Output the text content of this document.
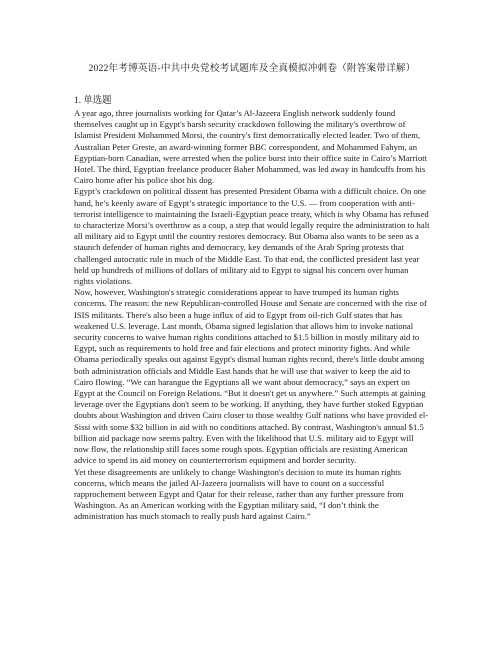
2022年考博英语-中共中央党校考试题库及全真模拟冲刺卷（附答案带详解）
1. 单选题

A year ago, three journalists working for Qatar’s Al-Jazeera English network suddenly found themselves caught up in Egypt's harsh security crackdown following the military's overthrow of Islamist President Mohammed Morsi, the country's first democratically elected leader. Two of them, Australian Peter Greste, an award-winning former BBC correspondent, and Mohammed Fahym, an Egyptian-born Canadian, were arrested when the police burst into their office suite in Cairo’s Marriott Hotel. The third, Egyptian freelance producer Baher Mohammed, was led away in handcuffs from his Cairo home after his police shot his dog.

Egypt’s crackdown on political dissent has presented President Obama with a difficult choice. On one hand, he’s keenly aware of Egypt’s strategic importance to the U.S. — from cooperation with anti-terrorist intelligence to maintaining the Israeli-Egyptian peace treaty, which is why Obama has refused to characterize Morsi’s overthrow as a coup, a step that would legally require the administration to halt all military aid to Egypt until the country restores democracy. But Obama also wants to be seen as a staunch defender of human rights and democracy, key demands of the Arab Spring protests that challenged autocratic rule in much of the Middle East. To that end, the conflicted president last year held up hundreds of millions of dollars of military aid to Egypt to signal his concern over human rights violations.

Now, however, Washington's strategic considerations appear to have trumped its human rights concerns. The reason: the new Republican-controlled House and Senate are concerned with the rise of ISIS militants. There's also been a huge influx of aid to Egypt from oil-rich Gulf states that has weakened U.S. leverage. Last month, Obama signed legislation that allows him to invoke national security concerns to waive human rights conditions attached to $1.5 billion in mostly military aid to Egypt, such as requirements to hold free and fair elections and protect minority fights. And while Obama periodically speaks out against Egypt's dismal human rights record, there's little doubt among both administration officials and Middle East hands that he will use that waiver to keep the aid to Cairo flowing. “We can harangue the Egyptians all we want about democracy,” says an expert on Egypt at the Council on Foreign Relations. “But it doesn't get us anywhere.” Such attempts at gaining leverage over the Egyptians don't seem to be working. If anything, they have further stoked Egyptian doubts about Washington and driven Cairo closer to those wealthy Gulf nations who have provided el-Sissi with some $32 billion in aid with no conditions attached. By contrast, Washington's annual $1.5 billion aid package now seems paltry. Even with the likelihood that U.S. military aid to Egypt will now flow, the relationship still faces some rough spots. Egyptian officials are resisting American advice to spend its aid money on counterterrorism equipment and border security.

Yet these disagreements are unlikely to change Washington's decision to mute its human rights concerns, which means the jailed Al-Jazeera journalists will have to count on a successful rapprochement between Egypt and Qatar for their release, rather than any further pressure from Washington. As an American working with the Egyptian military said, “I don’t think the administration has much stomach to really push hard against Cairo.”
